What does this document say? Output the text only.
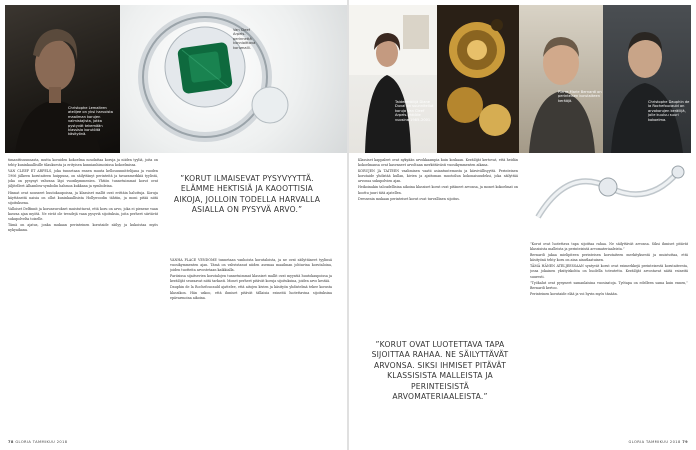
Christophe Lemaitren atelijee on yksi harvoista maailman korujen valmistajista, jotka pystyvät tekemään klassisia korutöitä käsityönä.
Van Cleef Arpels-perinnettä kunnioittava korumalli.
Taidekeräilijä Diane Duval on suunnitellut koruja Van Cleef Arpels-yhtiölle vuosina 1985–2001.
Pierre-Marie Bernardi on perinteisen korutaiteen kerääjä.	Christophe Dauphin de la Rochefoucauld on arvokorujen keräilijä, jolle kuuluu suuri kokoelma.

timanttisuunnasta, mutta koruiden kokoelma noudattaa koruja ja niiden tyyliä, joita on tehty kuninkaallisille tilauksesta ja erityisen kunnianhimoisissa kokoelmissa.

VAN CLEEF ET ARPELS, joka tunnetaan ennen muuta kellosuunnittelijana ja vuoden 1906 jälkeen korutaiteen huippuna, on säilyttänyt perinteitä ja tavaramerkkiä tyylistä, joka on pysynyt vahvana läpi vuosikymmenien. Yhtiön tunnetuimmat korut ovat jäljitelleet Alhambra-symbolin hahmoa kukkana ja symboleina.

Hinnat ovat nousseet huutokaupoissa, ja klassiset mallit ovat erittäin haluttuja. Koruja käyttäneitä naisia on ollut kuninkaallisista Hollywoodin tähtiin, ja moni pitää niitä sijoituksena.

Valloiset Delfinnit ja koruneuvokset muistuttavat, että koru on arvo, joka ei pienene vaan kasvaa ajan myötä. Ne eivät ole trendejä vaan pysyviä sijoituksia, joita perheet siirtävät sukupolvelta toiselle.

Tämä on ajatus, jonka mukaan perinteinen korutaide säilyy ja kukoistaa myös nykyaikana.

”KORUT ILMAISEVAT PYSYVYYTTÄ. ELÄMME HEKTISIÄ JA KAOOTTISIA AIKOJA, JOLLOIN TODELLA HARVALLA ASIALLA ON PYSYVÄ ARVO.”

VANHA PLACE VENDÔME tunnetaan vanhoista korutaloista, ja ne ovat säilyttäneet tyylinsä vuosikymmenten ajan. Tämä on vahvistanut niiden asemaa maailman johtavina korutaloina, joiden tuotteita arvostetaan kaikkialla.

Pariisissa sijaitsevien korutalojen tunnetuimmat klassiset mallit ovat myyntiä huutokaupoissa ja keräilijät seuraavat niitä tarkasti. Monet perheet pitävät koruja sijoituksina, joiden arvo kestää.

Dauphin de la Rochefoucauld ajattelee, että aitojen kivien ja käsityön yhdistelmä tekee korusta klassikon. Hän uskoo, että ihmiset pitävät tällaisia esineitä luotettavina sijoituksina epävarmoina aikoina.

Klassiset kappaleet ovat nykyään arvokkaampia kuin koskaan. Keräilijät kertovat, että heidän kokoelmansa ovat kasvaneet arvoltaan merkittävästi vuosikymmenten aikana.

KORUJEN JA TAITEEN vaaliminen vaatii asiantuntemusta ja kärsivällisyyttä. Perinteinen korutaide yhdistää kullan, kivien ja ajattoman muotoilun kokonaisuudeksi, joka säilyttää arvonsa sukupolvien ajan.

Heikoinakin taloudellisina aikoina klassiset korut ovat pitäneet arvonsa, ja monet kokoelmat on koottu juuri tätä ajatellen.

Dressenin mukaan perinteiset korut ovat turvallinen sijoitus.

”KORUT OVAT LUOTETTAVA TAPA SIJOITTAA RAHAA. NE SÄILYTTÄVÄT ARVONSA. SIKSI IHMISET PITÄVÄT KLASSISISTA MALLEISTA JA PERINTEISISTÄ ARVOMATERIAALEISTA.”

”Korut ovat luotettava tapa sijoittaa rahaa. Ne säilyttävät arvonsa. Siksi ihmiset pitävät klassisista malleista ja perinteisistä arvomateriaaleista.”

Bernardi jakaa mielipiteen perinteisen korutaiteen merkityksestä ja muistuttaa, että käsityönä tehty koru on aina ainutlaatuinen.

TÄMÄ HÄNEN ATELJEESSAAN syntyvät korut ovat esimerkkejä perinteisestä korutaiteesta, jossa jokainen yksityiskohta on huolella toteutettu. Keräilijät arvostavat näitä esineitä suuresti.

”Työkalut ovat pysyneet samanlaisina vuosisatoja. Työtapa on edelleen sama kuin ennen,” Bernardi kertoo.

Perinteinen korutaide elää ja voi hyvin myös tänään.

78 GLORIA TAMMIKUU 2018	GLORIA TAMMIKUU 2018 79
